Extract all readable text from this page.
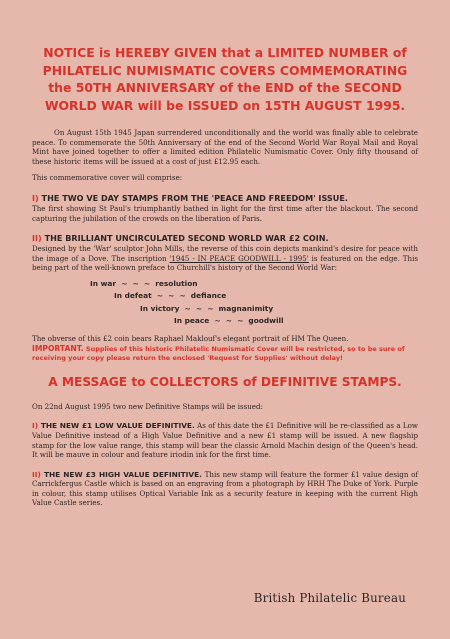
NOTICE is HEREBY GIVEN that a LIMITED NUMBER of PHILATELIC NUMISMATIC COVERS COMMEMORATING the 50TH ANNIVERSARY of the END of the SECOND WORLD WAR will be ISSUED on 15TH AUGUST 1995.

On August 15th 1945 Japan surrendered unconditionally and the world was finally able to celebrate peace. To commemorate the 50th Anniversary of the end of the Second World War Royal Mail and Royal Mint have joined together to offer a limited edition Philatelic Numismatic Cover. Only fifty thousand of these historic items will be issued at a cost of just £12.95 each.

This commemorative cover will comprise:

I) THE TWO VE DAY STAMPS FROM THE 'PEACE AND FREEDOM' ISSUE.

The first showing St Paul's triumphantly bathed in light for the first time after the blackout. The second capturing the jubilation of the crowds on the liberation of Paris.

II) THE BRILLIANT UNCIRCULATED SECOND WORLD WAR £2 COIN.

Designed by the 'War' sculptor John Mills, the reverse of this coin depicts mankind's desire for peace with the image of a Dove. The inscription '1945 - IN PEACE GOODWILL - 1995' is featured on the edge. This being part of the well-known preface to Churchill's history of the Second World War:

In war  ~  ~  ~  resolution
In defeat  ~  ~  ~  defiance
In victory  ~  ~  ~  magnanimity
In peace  ~  ~  ~  goodwill

The obverse of this £2 coin bears Raphael Maklouf's elegant portrait of HM The Queen.

IMPORTANT. Supplies of this historic Philatelic Numismatic Cover will be restricted, so to be sure of receiving your copy please return the enclosed 'Request for Supplies' without delay!

A MESSAGE to COLLECTORS of DEFINITIVE STAMPS.

On 22nd August 1995 two new Definitive Stamps will be issued:

I) THE NEW £1 LOW VALUE DEFINITIVE. As of this date the £1 Definitive will be re-classified as a Low Value Definitive instead of a High Value Definitive and a new £1 stamp will be issued. A new flagship stamp for the low value range, this stamp will bear the classic Arnold Machin design of the Queen's head. It will be mauve in colour and feature iriodin ink for the first time.

II) THE NEW £3 HIGH VALUE DEFINITIVE. This new stamp will feature the former £1 value design of Carrickfergus Castle which is based on an engraving from a photograph by HRH The Duke of York. Purple in colour, this stamp utilises Optical Variable Ink as a security feature in keeping with the current High Value Castle series.

British Philatelic Bureau
